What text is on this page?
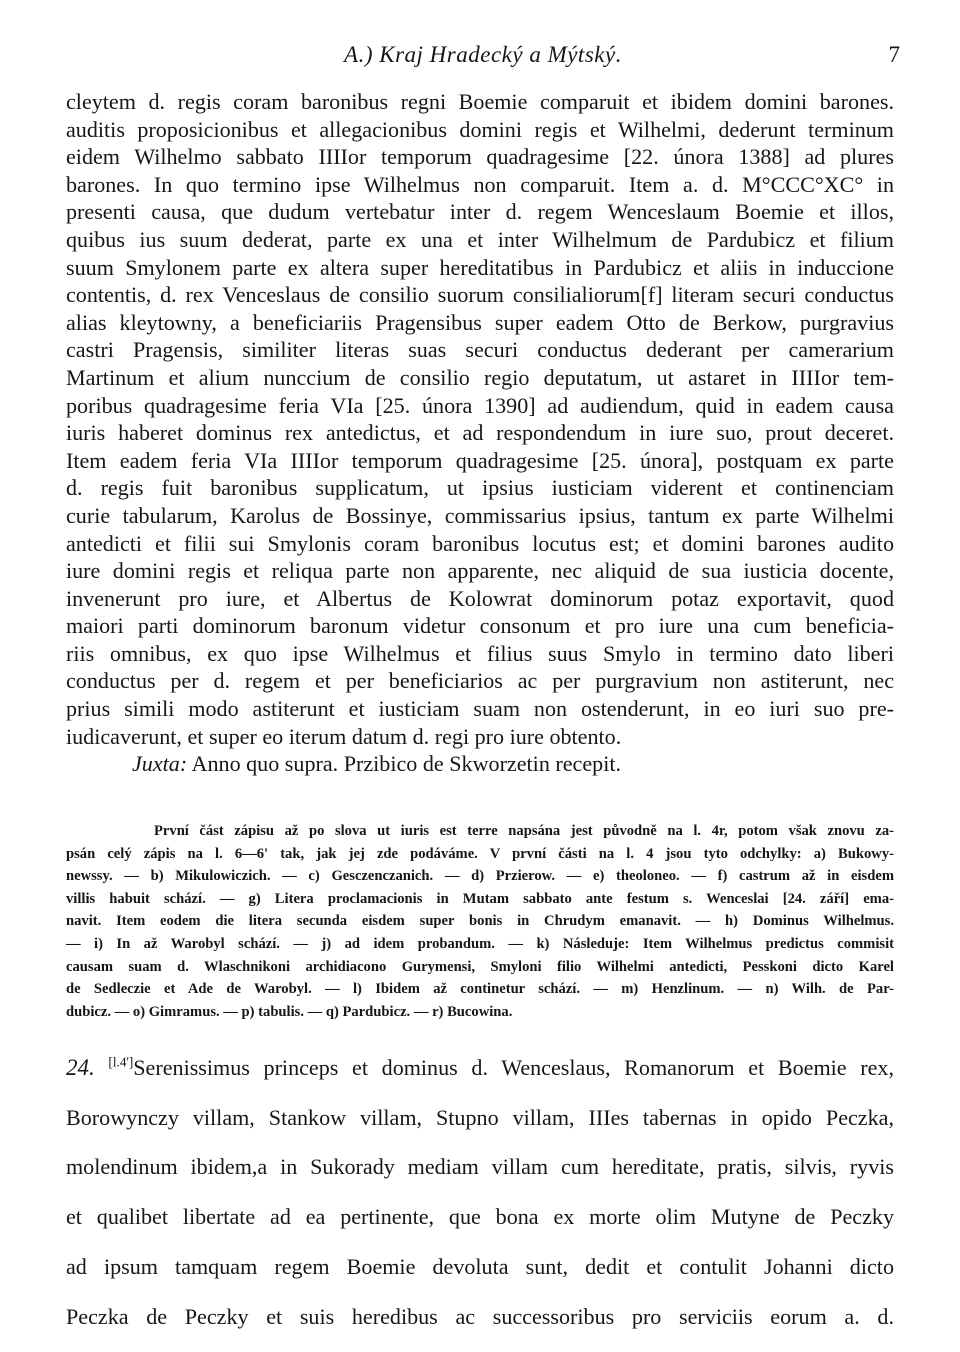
A.) Kraj Hradecký a Mýtský.	7

cleytem d. regis coram baronibus regni Boemie comparuit et ibidem domini barones.

auditis proposicionibus et allegacionibus domini regis et Wilhelmi, dederunt terminum

eidem Wilhelmo sabbato IIIIor temporum quadragesime [22. února 1388] ad plures

barones. In quo termino ipse Wilhelmus non comparuit. Item a. d. M°CCC°XC° in

presenti causa, que dudum vertebatur inter d. regem Wenceslaum Boemie et illos,

quibus ius suum dederat, parte ex una et inter Wilhelmum de Pardubicz et filium

suum Smylonem parte ex altera super hereditatibus in Pardubicz et aliis in induccione

contentis, d. rex Venceslaus de consilio suorum consilialiorum[f] literam securi conductus

alias kleytowny, a beneficiariis Pragensibus super eadem Otto de Berkow, purgravius

castri Pragensis, similiter literas suas securi conductus dederant per camerarium

Martinum et alium nunccium de consilio regio deputatum, ut astaret in IIIIor tem-

poribus quadragesime feria VIa [25. února 1390] ad audiendum, quid in eadem causa

iuris haberet dominus rex antedictus, et ad respondendum in iure suo, prout deceret.

Item eadem feria VIa IIIIor temporum quadragesime [25. února], postquam ex parte

d. regis fuit baronibus supplicatum, ut ipsius iusticiam viderent et continenciam

curie tabularum, Karolus de Bossinye, commissarius ipsius, tantum ex parte Wilhelmi

antedicti et filii sui Smylonis coram baronibus locutus est; et domini barones audito

iure domini regis et reliqua parte non apparente, nec aliquid de sua iusticia docente,

invenerunt pro iure, et Albertus de Kolowrat dominorum potaz exportavit, quod

maiori parti dominorum baronum videtur consonum et pro iure una cum beneficia-

riis omnibus, ex quo ipse Wilhelmus et filius suus Smylo in termino dato liberi

conductus per d. regem et per beneficiarios ac per purgravium non astiterunt, nec

prius simili modo astiterunt et iusticiam suam non ostenderunt, in eo iuri suo pre-

iudicaverunt, et super eo iterum datum d. regi pro iure obtento.

Juxta: Anno quo supra. Przibico de Skworzetin recepit.

První část zápisu až po slova ut iuris est terre napsána jest původně na l. 4r, potom však znovu za-

psán celý zápis na l. 6—6' tak, jak jej zde podáváme. V první části na l. 4 jsou tyto odchylky: a) Bukowy-

newssy. — b) Mikulowiczich. — c) Gesczenczanich. — d) Przierow. — e) theoloneo. — f) castrum až in eisdem

villis habuit schází. — g) Litera proclamacionis in Mutam sabbato ante festum s. Wenceslai [24. září] ema-

navit. Item eodem die litera secunda eisdem super bonis in Chrudym emanavit. — h) Dominus Wilhelmus.

— i) In až Warobyl schází. — j) ad idem probandum. — k) Následuje: Item Wilhelmus predictus commisit

causam suam d. Wlaschnikoni archidiacono Gurymensi, Smyloni filio Wilhelmi antedicti, Pesskoni dicto Karel

de Sedleczie et Ade de Warobyl. — l) Ibidem až continetur schází. — m) Henzlinum. — n) Wilh. de Par-

dubicz. — o) Gimramus. — p) tabulis. — q) Pardubicz. — r) Bucowina.

24. [l.4']Serenissimus princeps et dominus d. Wenceslaus, Romanorum et Boemie rex,

Borowynczy villam, Stankow villam, Stupno villam, IIIes tabernas in opido Peczka,

molendinum ibidem,a in Sukorady mediam villam cum hereditate, pratis, silvis, ryvis

et qualibet libertate ad ea pertinente, que bona ex morte olim Mutyne de Peczky

ad ipsum tamquam regem Boemie devoluta sunt, dedit et contulit Johanni dicto

Peczka de Peczky et suis heredibus ac successoribus pro serviciis eorum a. d.
